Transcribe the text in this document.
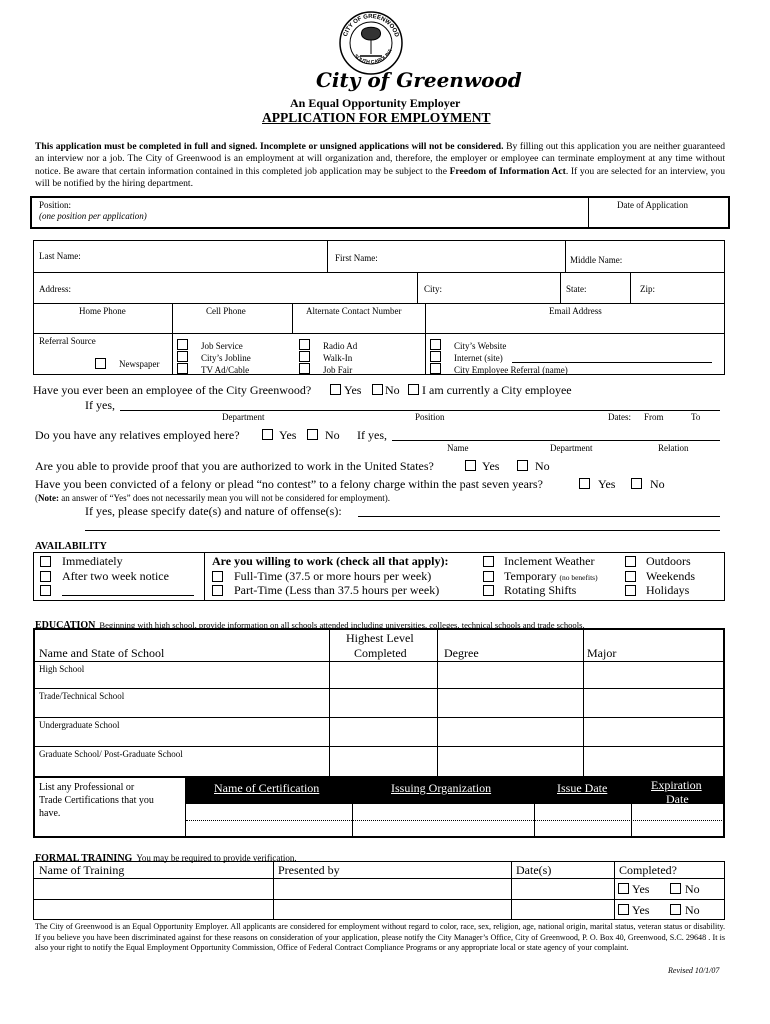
CITY OF GREENWOOD
SOUTH CAROLINA
City of Greenwood
An Equal Opportunity Employer
APPLICATION FOR EMPLOYMENT
This application must be completed in full and signed. Incomplete or unsigned applications will not be considered. By filling out this application you are neither guaranteed an interview nor a job. The City of Greenwood is an employment at will organization and, therefore, the employer or employee can terminate employment at any time without notice. Be aware that certain information contained in this completed job application may be subject to the Freedom of Information Act. If you are selected for an interview, you will be notified by the hiring department.
Position:
(one position per application)
Date of Application
Last Name:	First Name:	Middle Name:
Address:	City:	State:	Zip:
Home Phone	Cell Phone	Alternate Contact Number	Email Address
Referral Source
Newspaper
Job Service
City’s Jobline
TV Ad/Cable
Radio Ad
Walk-In
Job Fair
City’s Website
Internet (site)
City Employee Referral (name)
Have you ever been an employee of the City Greenwood?	Yes No I am currently a City employee
If yes,
Department	Position	Dates: From	To
Do you have any relatives employed here?	Yes No If yes,
Name	Department	Relation
Are you able to provide proof that you are authorized to work in the United States?	Yes	No
Have you been convicted of a felony or plead “no contest” to a felony charge within the past seven years?	Yes	No
(Note: an answer of “Yes” does not necessarily mean you will not be considered for employment).
If yes, please specify date(s) and nature of offense(s):
AVAILABILITY
Immediately
After two week notice
Are you willing to work (check all that apply):
Full-Time (37.5 or more hours per week)
Part-Time (Less than 37.5 hours per week)
Inclement Weather
Temporary (no benefits)
Rotating Shifts
Outdoors
Weekends
Holidays
EDUCATION Beginning with high school, provide information on all schools attended including universities, colleges, technical schools and trade schools.
Name and State of School
Highest Level
Completed	Degree	Major
High School
Trade/Technical School
Undergraduate School
Graduate School/ Post-Graduate School
List any Professional or
Trade Certifications that you
have.
Name of Certification	Issuing Organization	Issue Date	Expiration
Date
FORMAL TRAINING You may be required to provide verification.
Name of Training	Presented by	Date(s)	Completed?
Yes	No
Yes	No
The City of Greenwood is an Equal Opportunity Employer. All applicants are considered for employment without regard to color, race, sex, religion, age, national origin, marital status, veteran status or disability. If you believe you have been discriminated against for these reasons on consideration of your application, please notify the City Manager’s Office, City of Greenwood, P. O. Box 40, Greenwood, S.C. 29648 . It is also your right to notify the Equal Employment Opportunity Commission, Office of Federal Contract Compliance Programs or any appropriate local or state agency of your complaint.
Revised 10/1/07
